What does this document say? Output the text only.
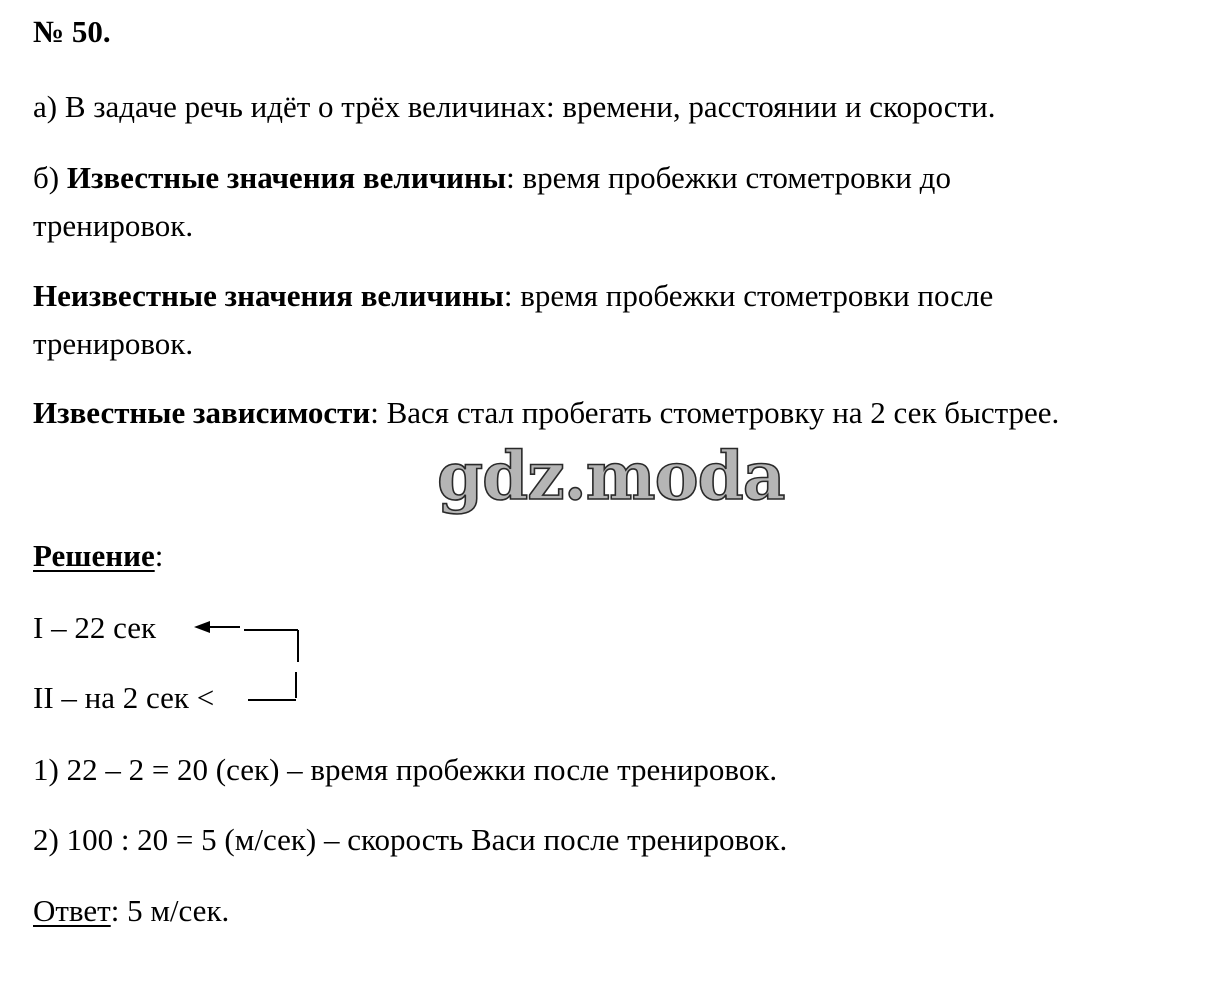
№ 50.
а) В задаче речь идёт о трёх величинах: времени, расстоянии и скорости.
б) Известные значения величины: время пробежки стометровки до
тренировок.
Неизвестные значения величины: время пробежки стометровки после
тренировок.
Известные зависимости: Вася стал пробегать стометровку на 2 сек быстрее.
gdz.moda
Решение:
I – 22 сек
II – на 2 сек <
1) 22 – 2 = 20 (сек) – время пробежки после тренировок.
2) 100 : 20 = 5 (м/сек) – скорость Васи после тренировок.
Ответ: 5 м/сек.
